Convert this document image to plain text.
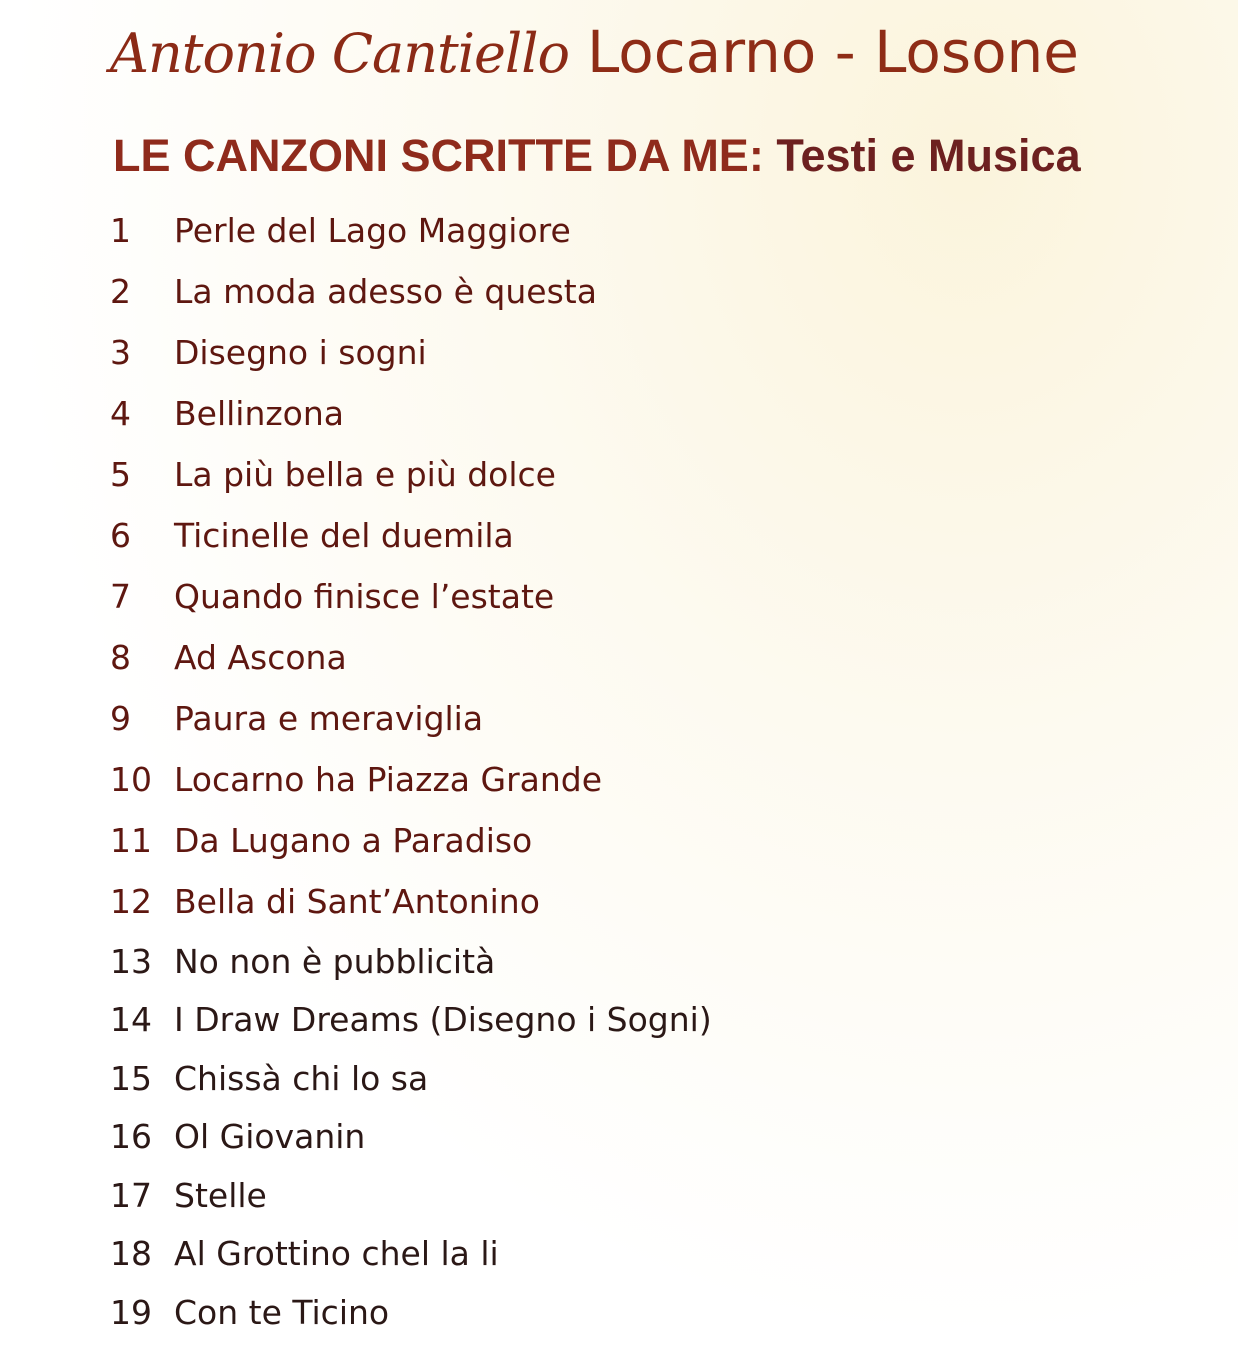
Antonio Cantiello Locarno - Losone
LE CANZONI SCRITTE DA ME: Testi e Musica
1	Perle del Lago Maggiore
2	La moda adesso è questa
3	Disegno i sogni
4	Bellinzona
5	La più bella e più dolce
6	Ticinelle del duemila
7	Quando finisce l’estate
8	Ad Ascona
9	Paura e meraviglia
10 Locarno ha Piazza Grande
11 Da Lugano a Paradiso
12 Bella di Sant’Antonino
13 No non è pubblicità
14 I Draw Dreams (Disegno i Sogni)
15 Chissà chi lo sa
16 Ol Giovanin
17 Stelle
18 Al Grottino chel la li
19 Con te Ticino
